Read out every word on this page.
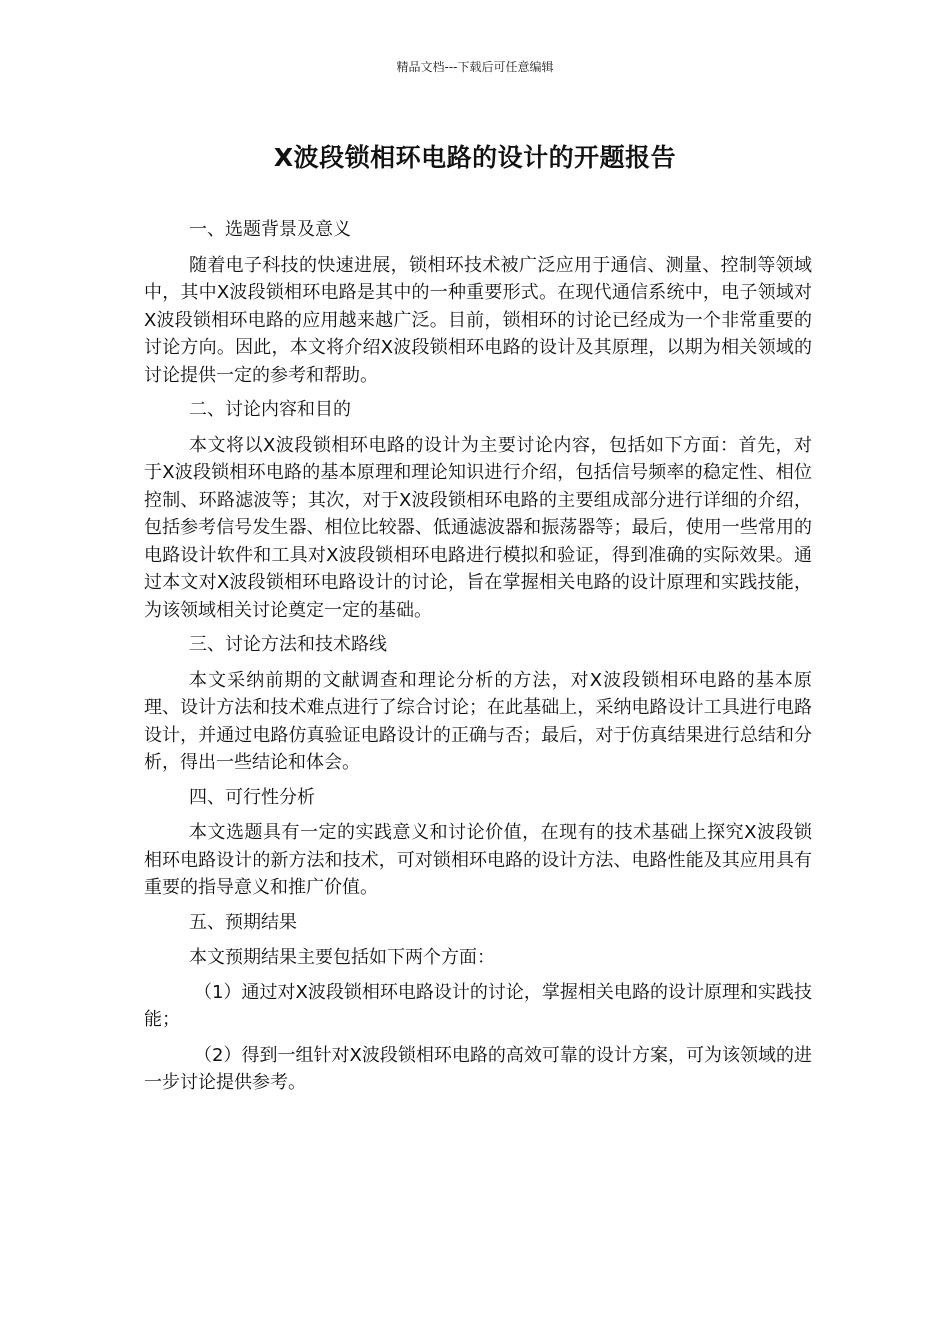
精品文档---下载后可任意编辑
X波段锁相环电路的设计的开题报告
一、选题背景及意义

随着电子科技的快速进展，锁相环技术被广泛应用于通信、测量、控制等领域中，其中X波段锁相环电路是其中的一种重要形式。在现代通信系统中，电子领域对X波段锁相环电路的应用越来越广泛。目前，锁相环的讨论已经成为一个非常重要的讨论方向。因此，本文将介绍X波段锁相环电路的设计及其原理，以期为相关领域的讨论提供一定的参考和帮助。

二、讨论内容和目的

本文将以X波段锁相环电路的设计为主要讨论内容，包括如下方面：首先，对于X波段锁相环电路的基本原理和理论知识进行介绍，包括信号频率的稳定性、相位控制、环路滤波等；其次，对于X波段锁相环电路的主要组成部分进行详细的介绍，包括参考信号发生器、相位比较器、低通滤波器和振荡器等；最后，使用一些常用的电路设计软件和工具对X波段锁相环电路进行模拟和验证，得到准确的实际效果。通过本文对X波段锁相环电路设计的讨论，旨在掌握相关电路的设计原理和实践技能，为该领域相关讨论奠定一定的基础。

三、讨论方法和技术路线

本文采纳前期的文献调查和理论分析的方法，对X波段锁相环电路的基本原理、设计方法和技术难点进行了综合讨论；在此基础上，采纳电路设计工具进行电路设计，并通过电路仿真验证电路设计的正确与否；最后，对于仿真结果进行总结和分析，得出一些结论和体会。

四、可行性分析

本文选题具有一定的实践意义和讨论价值，在现有的技术基础上探究X波段锁相环电路设计的新方法和技术，可对锁相环电路的设计方法、电路性能及其应用具有重要的指导意义和推广价值。

五、预期结果

本文预期结果主要包括如下两个方面：

（1）通过对X波段锁相环电路设计的讨论，掌握相关电路的设计原理和实践技能；

（2）得到一组针对X波段锁相环电路的高效可靠的设计方案，可为该领域的进一步讨论提供参考。
